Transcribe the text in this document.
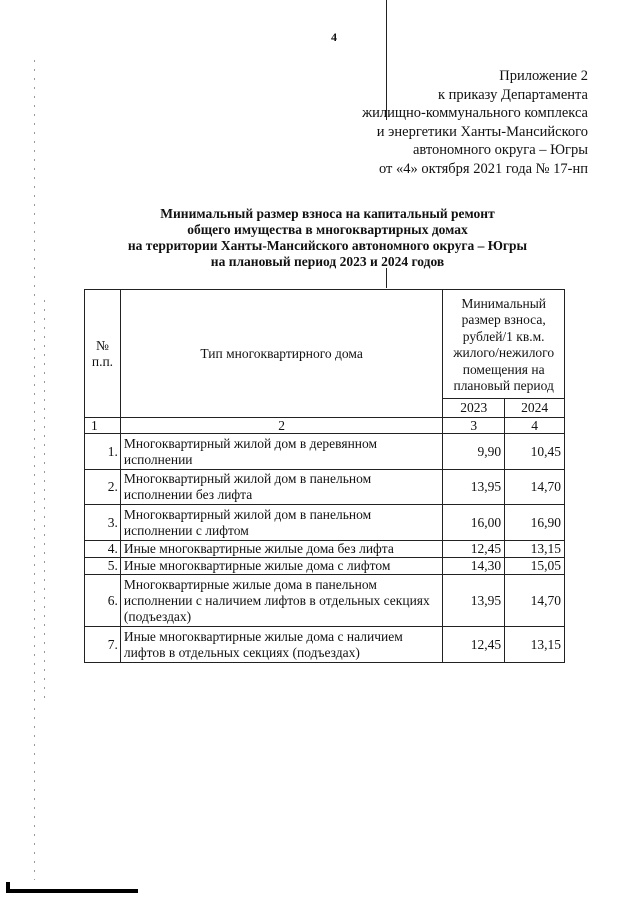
4
Приложение 2
к приказу Департамента
жилищно-коммунального комплекса
и энергетики Ханты-Мансийского
автономного округа – Югры
от «4» октября 2021 года № 17-нп
Минимальный размер взноса на капитальный ремонт
общего имущества в многоквартирных домах
на территории Ханты-Мансийского автономного округа – Югры
на плановый период 2023 и 2024 годов
№ п.п.	Тип многоквартирного дома	Минимальный размер взноса, рублей/1 кв.м. жилого/нежилого помещения на плановый период	
		2023	2024
1	2	3	4
1.	Многоквартирный жилой дом в деревянном исполнении	9,90	10,45
2.	Многоквартирный жилой дом в панельном исполнении без лифта	13,95	14,70
3.	Многоквартирный жилой дом в панельном исполнении с лифтом	16,00	16,90
4.	Иные многоквартирные жилые дома без лифта	12,45	13,15
5.	Иные многоквартирные жилые дома с лифтом	14,30	15,05
6.	Многоквартирные жилые дома в панельном исполнении с наличием лифтов в отдельных секциях (подъездах)	13,95	14,70
7.	Иные многоквартирные жилые дома с наличием лифтов в отдельных секциях (подъездах)	12,45	13,15
